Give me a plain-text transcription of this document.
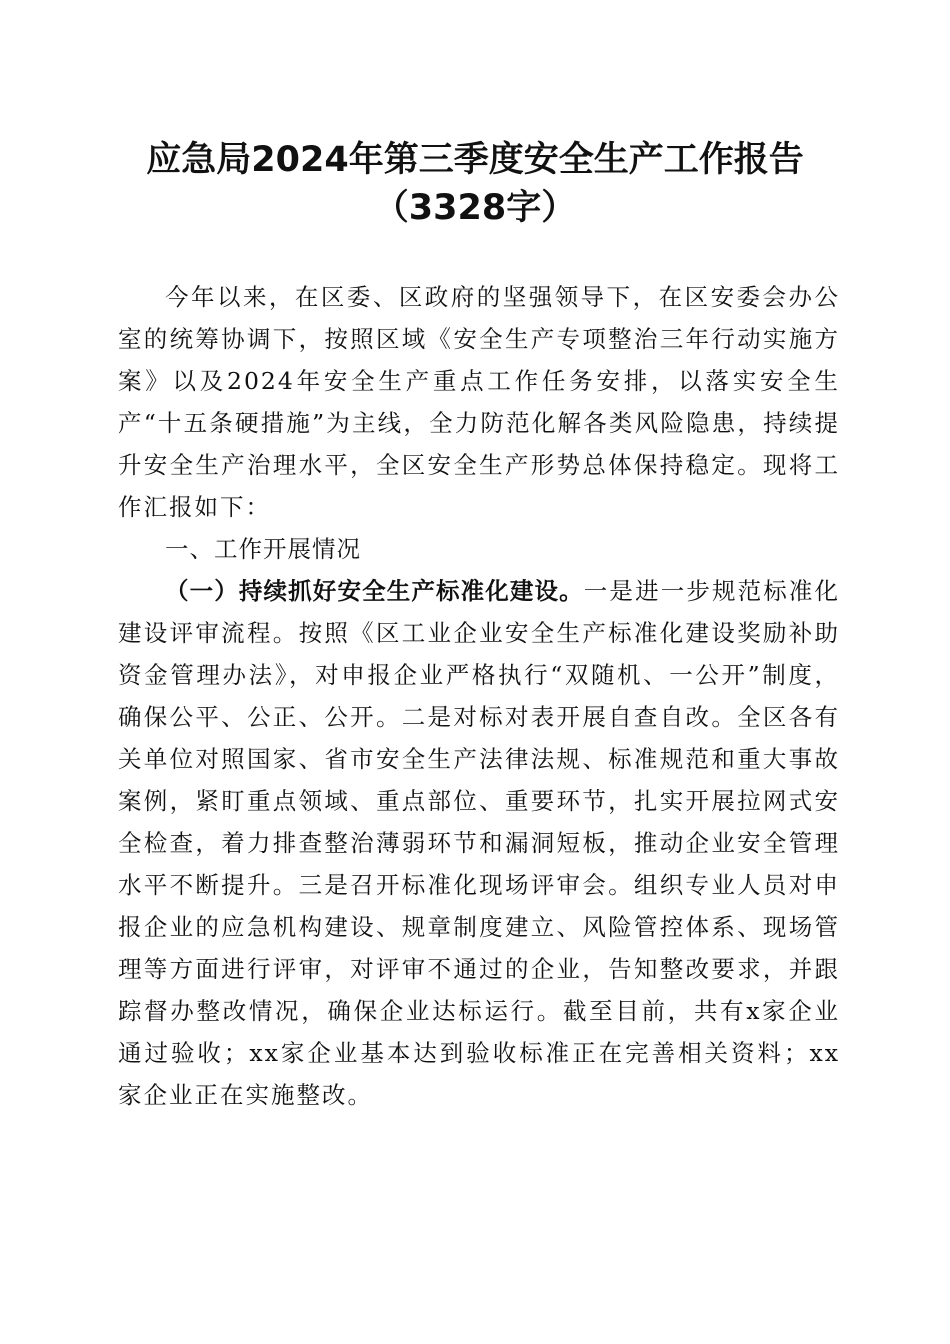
应急局2024年第三季度安全生产工作报告
（3328字）

今年以来，在区委、区政府的坚强领导下，在区安委会办公室的统筹协调下，按照区域《安全生产专项整治三年行动实施方案》以及2024年安全生产重点工作任务安排，以落实安全生产“十五条硬措施”为主线，全力防范化解各类风险隐患，持续提升安全生产治理水平，全区安全生产形势总体保持稳定。现将工作汇报如下：

一、工作开展情况

（一）持续抓好安全生产标准化建设。一是进一步规范标准化建设评审流程。按照《区工业企业安全生产标准化建设奖励补助资金管理办法》，对申报企业严格执行“双随机、一公开”制度，确保公平、公正、公开。二是对标对表开展自查自改。全区各有关单位对照国家、省市安全生产法律法规、标准规范和重大事故案例，紧盯重点领域、重点部位、重要环节，扎实开展拉网式安全检查，着力排查整治薄弱环节和漏洞短板，推动企业安全管理水平不断提升。三是召开标准化现场评审会。组织专业人员对申报企业的应急机构建设、规章制度建立、风险管控体系、现场管理等方面进行评审，对评审不通过的企业，告知整改要求，并跟踪督办整改情况，确保企业达标运行。截至目前，共有x家企业通过验收；xx家企业基本达到验收标准正在完善相关资料；xx家企业正在实施整改。
